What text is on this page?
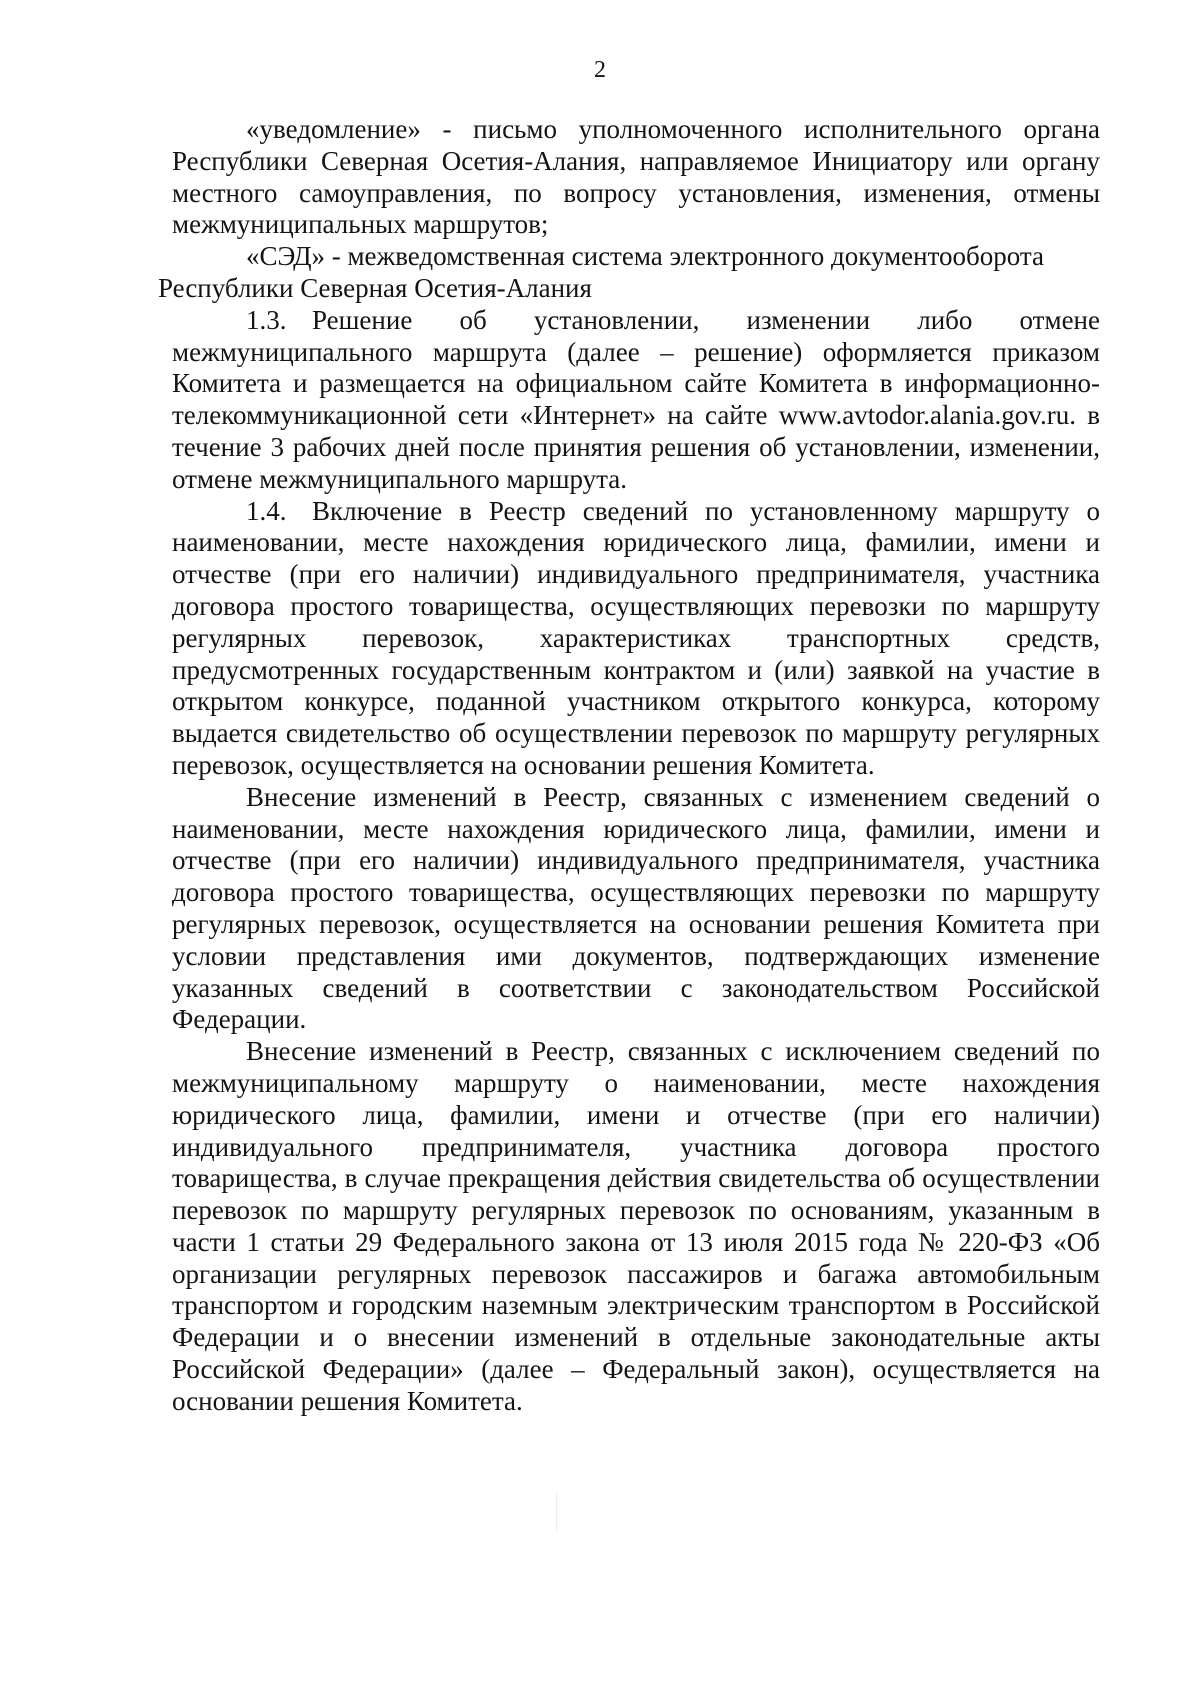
2

«уведомление» - письмо уполномоченного исполнительного органа Республики Северная Осетия-Алания, направляемое Инициатору или органу местного самоуправления, по вопросу установления, изменения, отмены межмуниципальных маршрутов;

«СЭД» - межведомственная система электронного документооборота

Республики Северная Осетия-Алания

1.3. Решение об установлении, изменении либо отмене межмуниципального маршрута (далее – решение) оформляется приказом Комитета и размещается на официальном сайте Комитета в информационно-телекоммуникационной сети «Интернет» на сайте www.avtodor.alania.gov.ru. в течение 3 рабочих дней после принятия решения об установлении, изменении, отмене межмуниципального маршрута.

1.4. Включение в Реестр сведений по установленному маршруту о наименовании, месте нахождения юридического лица, фамилии, имени и отчестве (при его наличии) индивидуального предпринимателя, участника договора простого товарищества, осуществляющих перевозки по маршруту регулярных перевозок, характеристиках транспортных средств, предусмотренных государственным контрактом и (или) заявкой на участие в открытом конкурсе, поданной участником открытого конкурса, которому выдается свидетельство об осуществлении перевозок по маршруту регулярных перевозок, осуществляется на основании решения Комитета.

Внесение изменений в Реестр, связанных с изменением сведений о наименовании, месте нахождения юридического лица, фамилии, имени и отчестве (при его наличии) индивидуального предпринимателя, участника договора простого товарищества, осуществляющих перевозки по маршруту регулярных перевозок, осуществляется на основании решения Комитета при условии представления ими документов, подтверждающих изменение указанных сведений в соответствии с законодательством Российской Федерации.

Внесение изменений в Реестр, связанных с исключением сведений по межмуниципальному маршруту о наименовании, месте нахождения юридического лица, фамилии, имени и отчестве (при его наличии) индивидуального предпринимателя, участника договора простого товарищества, в случае прекращения действия свидетельства об осуществлении перевозок по маршруту регулярных перевозок по основаниям, указанным в части 1 статьи 29 Федерального закона от 13 июля 2015 года № 220-ФЗ «Об организации регулярных перевозок пассажиров и багажа автомобильным транспортом и городским наземным электрическим транспортом в Российской Федерации и о внесении изменений в отдельные законодательные акты Российской Федерации» (далее – Федеральный закон), осуществляется на основании решения Комитета.
